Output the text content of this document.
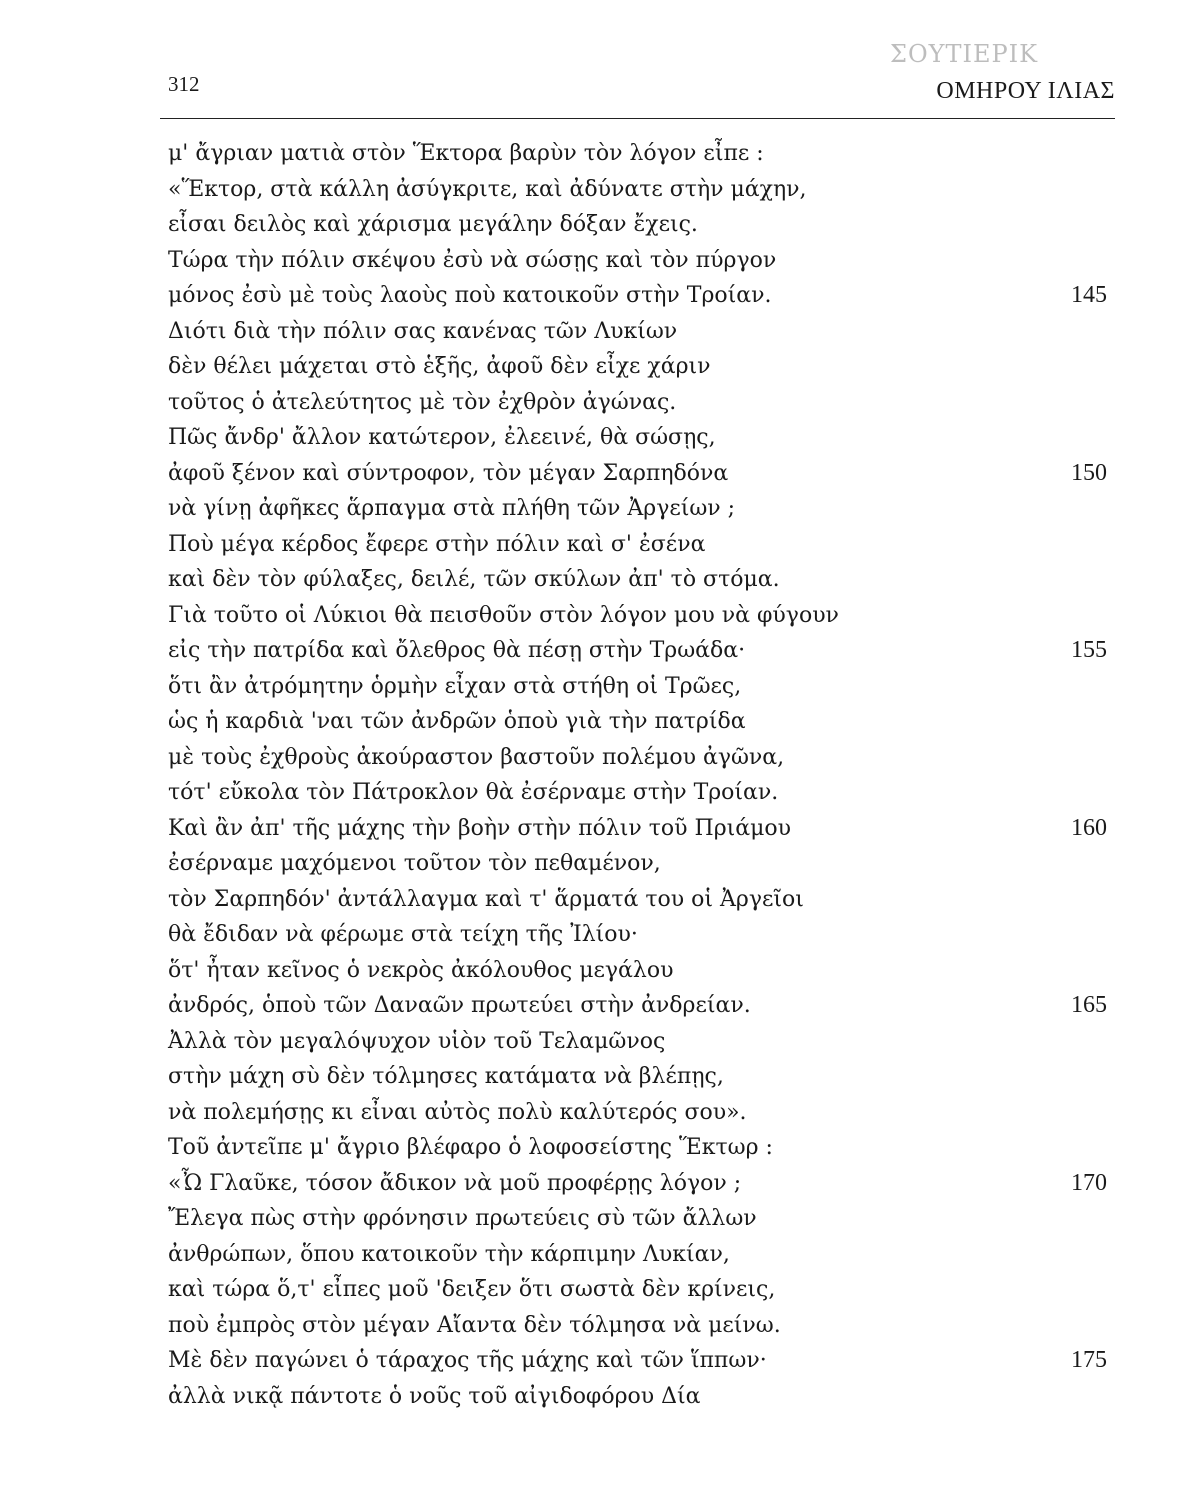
ΣΟΥΤΙΕΡΙΚ
312	ΟΜΗΡΟΥ ΙΛΙΑΣ
μ' ἄγριαν ματιὰ στὸν Ἕκτορα βαρὺν τὸν λόγον εἶπε :
«Ἕκτορ, στὰ κάλλη ἀσύγκριτε, καὶ ἀδύνατε στὴν μάχην,
εἶσαι δειλὸς καὶ χάρισμα μεγάλην δόξαν ἔχεις.
Τώρα τὴν πόλιν σκέψου ἐσὺ νὰ σώσῃς καὶ τὸν πύργον
μόνος ἐσὺ μὲ τοὺς λαοὺς ποὺ κατοικοῦν στὴν Τροίαν.	145
Διότι διὰ τὴν πόλιν σας κανένας τῶν Λυκίων
δὲν θέλει μάχεται στὸ ἑξῆς, ἀφοῦ δὲν εἶχε χάριν
τοῦτος ὁ ἀτελεύτητος μὲ τὸν ἐχθρὸν ἀγώνας.
Πῶς ἄνδρ' ἄλλον κατώτερον, ἐλεεινέ, θὰ σώσῃς,
ἀφοῦ ξένον καὶ σύντροφον, τὸν μέγαν Σαρπηδόνα	150
νὰ γίνῃ ἀφῆκες ἅρπαγμα στὰ πλήθη τῶν Ἀργείων ;
Ποὺ μέγα κέρδος ἔφερε στὴν πόλιν καὶ σ' ἐσένα
καὶ δὲν τὸν φύλαξες, δειλέ, τῶν σκύλων ἀπ' τὸ στόμα.
Γιὰ τοῦτο οἱ Λύκιοι θὰ πεισθοῦν στὸν λόγον μου νὰ φύγουν
εἰς τὴν πατρίδα καὶ ὄλεθρος θὰ πέσῃ στὴν Τρωάδα·	155
ὅτι ἂν ἀτρόμητην ὁρμὴν εἶχαν στὰ στήθη οἱ Τρῶες,
ὡς ἡ καρδιὰ 'ναι τῶν ἀνδρῶν ὁποὺ γιὰ τὴν πατρίδα
μὲ τοὺς ἐχθροὺς ἀκούραστον βαστοῦν πολέμου ἀγῶνα,
τότ' εὔκολα τὸν Πάτροκλον θὰ ἐσέρναμε στὴν Τροίαν.
Καὶ ἂν ἀπ' τῆς μάχης τὴν βοὴν στὴν πόλιν τοῦ Πριάμου	160
ἐσέρναμε μαχόμενοι τοῦτον τὸν πεθαμένον,
τὸν Σαρπηδόν' ἀντάλλαγμα καὶ τ' ἅρματά του οἱ Ἀργεῖοι
θὰ ἔδιδαν νὰ φέρωμε στὰ τείχη τῆς Ἰλίου·
ὅτ' ἦταν κεῖνος ὁ νεκρὸς ἀκόλουθος μεγάλου
ἀνδρός, ὁποὺ τῶν Δαναῶν πρωτεύει στὴν ἀνδρείαν.	165
Ἀλλὰ τὸν μεγαλόψυχον υἱὸν τοῦ Τελαμῶνος
στὴν μάχη σὺ δὲν τόλμησες κατάματα νὰ βλέπῃς,
νὰ πολεμήσῃς κι εἶναι αὐτὸς πολὺ καλύτερός σου».
Τοῦ ἀντεῖπε μ' ἄγριο βλέφαρο ὁ λοφοσείστης Ἕκτωρ :
«Ὦ Γλαῦκε, τόσον ἄδικον νὰ μοῦ προφέρῃς λόγον ;	170
Ἔλεγα πὼς στὴν φρόνησιν πρωτεύεις σὺ τῶν ἄλλων
ἀνθρώπων, ὅπου κατοικοῦν τὴν κάρπιμην Λυκίαν,
καὶ τώρα ὅ,τ' εἶπες μοῦ 'δειξεν ὅτι σωστὰ δὲν κρίνεις,
ποὺ ἐμπρὸς στὸν μέγαν Αἴαντα δὲν τόλμησα νὰ μείνω.
Μὲ δὲν παγώνει ὁ τάραχος τῆς μάχης καὶ τῶν ἵππων·	175
ἀλλὰ νικᾷ πάντοτε ὁ νοῦς τοῦ αἰγιδοφόρου Δία
